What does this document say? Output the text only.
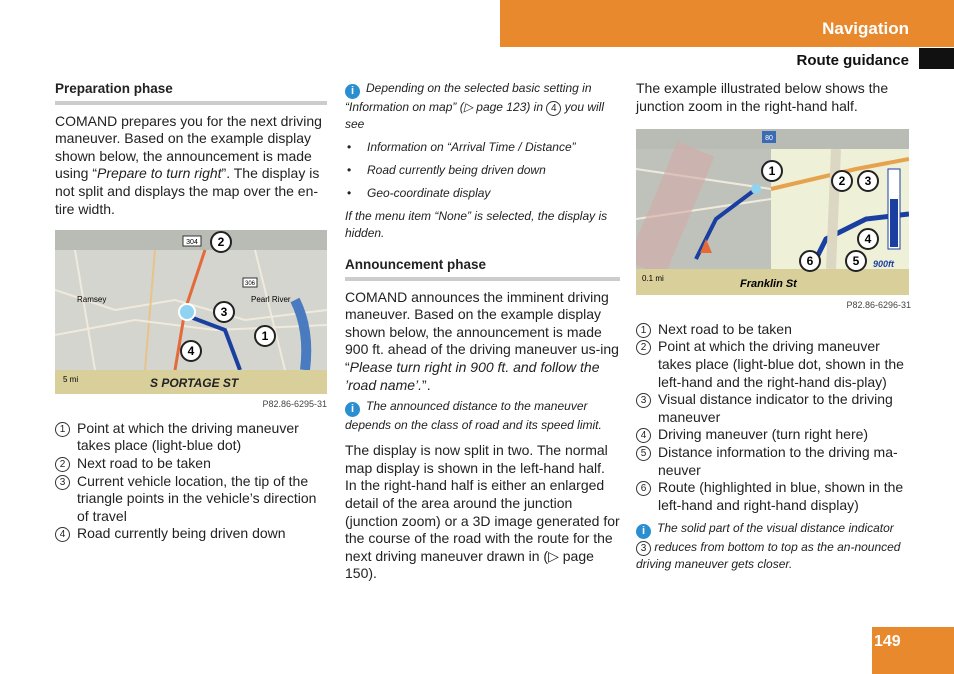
Navigation
Route guidance
Preparation phase

COMAND prepares you for the next driving maneuver. Based on the example display shown below, the announcement is made using “Prepare to turn right”. The display is not split and displays the map over the en-tire width.

304
306
Ramsey	Pearl River
5 mi	S PORTAGE ST
2
3
1
4
P82.86-6295-31
1 Point at which the driving maneuver takes place (light-blue dot)
2 Next road to be taken
3 Current vehicle location, the tip of the triangle points in the vehicle’s direction of travel
4 Road currently being driven down

i Depending on the selected basic setting in “Information on map” (▷ page 123) in 4 you will see

• Information on “Arrival Time / Distance”
• Road currently being driven down
• Geo-coordinate display

If the menu item “None” is selected, the display is hidden.

Announcement phase

COMAND announces the imminent driving maneuver. Based on the example display shown below, the announcement is made 900 ft. ahead of the driving maneuver us-ing “Please turn right in 900 ft. and follow the ’road name’.”.

i The announced distance to the maneuver depends on the class of road and its speed limit.

The display is now split in two. The normal map display is shown in the left-hand half. In the right-hand half is either an enlarged detail of the area around the junction (junction zoom) or a 3D image generated for the course of the road with the route for the next driving maneuver drawn in (▷ page 150).

The example illustrated below shows the junction zoom in the right-hand half.

80
0.1 mi	Franklin St
900ft
1
2 3
4
6	5
P82.86-6296-31
1 Next road to be taken
2 Point at which the driving maneuver takes place (light-blue dot, shown in the left-hand and the right-hand dis-play)
3 Visual distance indicator to the driving maneuver
4 Driving maneuver (turn right here)
5 Distance information to the driving ma-neuver
6 Route (highlighted in blue, shown in the left-hand and right-hand display)

i The solid part of the visual distance indicator 3 reduces from bottom to top as the an-nounced driving maneuver gets closer.

149
